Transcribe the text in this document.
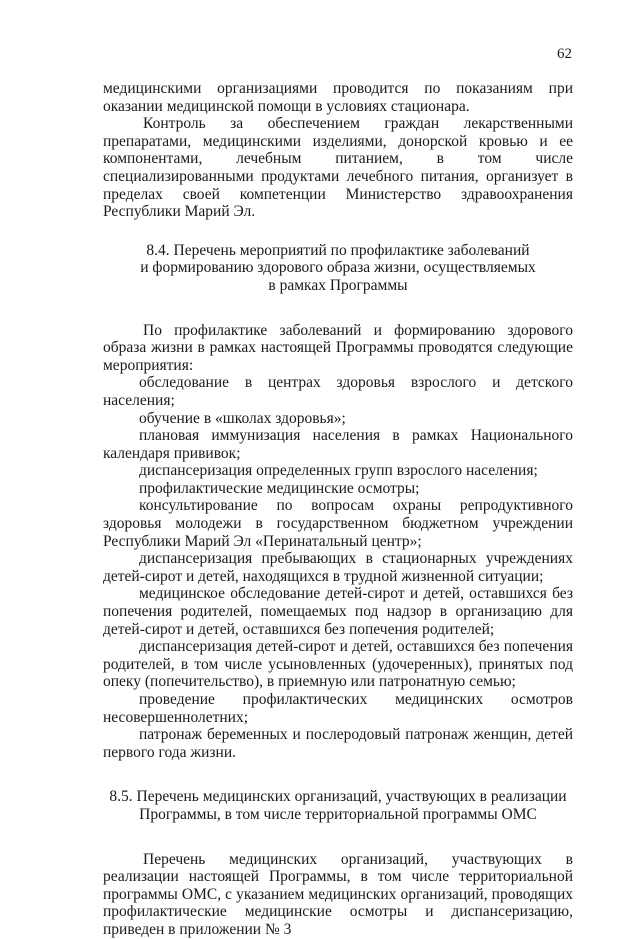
62

медицинскими организациями проводится по показаниям при оказании медицинской помощи в условиях стационара.

Контроль за обеспечением граждан лекарственными препаратами, медицинскими изделиями, донорской кровью и ее компонентами, лечебным питанием, в том числе специализированными продуктами лечебного питания, организует в пределах своей компетенции Министерство здравоохранения Республики Марий Эл.

8.4. Перечень мероприятий по профилактике заболеваний

и формированию здорового образа жизни, осуществляемых

в рамках Программы

По профилактике заболеваний и формированию здорового образа жизни в рамках настоящей Программы проводятся следующие мероприятия:

обследование в центрах здоровья взрослого и детского населения;

обучение в «школах здоровья»;

плановая иммунизация населения в рамках Национального календаря прививок;

диспансеризация определенных групп взрослого населения;

профилактические медицинские осмотры;

консультирование по вопросам охраны репродуктивного здоровья молодежи в государственном бюджетном учреждении Республики Марий Эл «Перинатальный центр»;

диспансеризация пребывающих в стационарных учреждениях детей-сирот и детей, находящихся в трудной жизненной ситуации;

медицинское обследование детей-сирот и детей, оставшихся без попечения родителей, помещаемых под надзор в организацию для детей-сирот и детей, оставшихся без попечения родителей;

диспансеризация детей-сирот и детей, оставшихся без попечения родителей, в том числе усыновленных (удочеренных), принятых под опеку (попечительство), в приемную или патронатную семью;

проведение профилактических медицинских осмотров несовершеннолетних;

патронаж беременных и послеродовый патронаж женщин, детей первого года жизни.

8.5. Перечень медицинских организаций, участвующих в реализации

Программы, в том числе территориальной программы ОМС

Перечень медицинских организаций, участвующих в реализации настоящей Программы, в том числе территориальной программы ОМС, с указанием медицинских организаций, проводящих профилактические медицинские осмотры и диспансеризацию, приведен в приложении № 3
